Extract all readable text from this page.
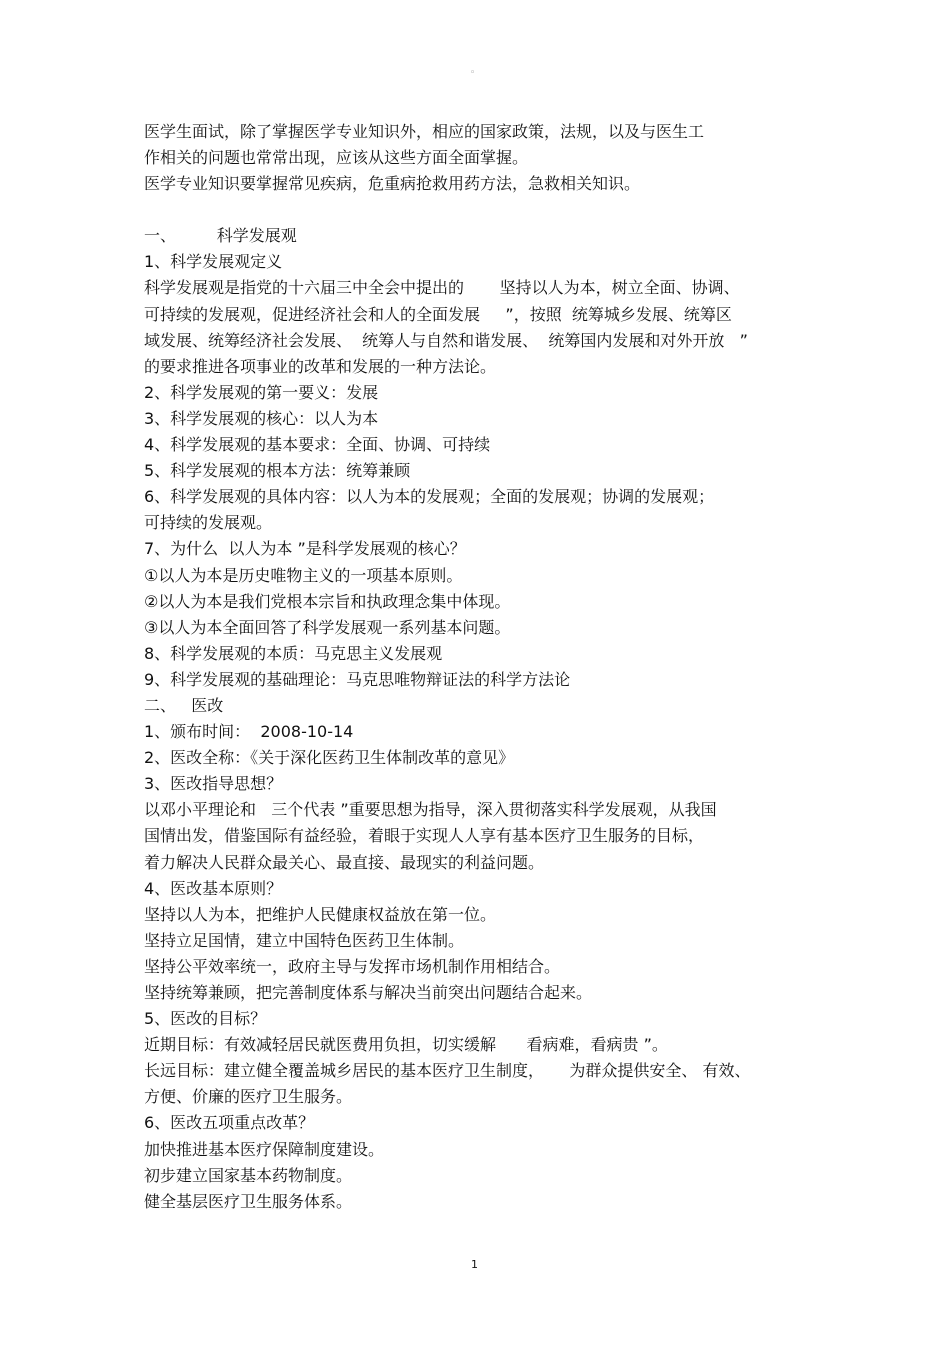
◦
医学生面试，除了掌握医学专业知识外，相应的国家政策，法规，以及与医生工
作相关的问题也常常出现，应该从这些方面全面掌握。
医学专业知识要掌握常见疾病，危重病抢救用药方法，急救相关知识。
一、        科学发展观
1、科学发展观定义
科学发展观是指党的十六届三中全会中提出的       坚持以人为本，树立全面、协调、
可持续的发展观，促进经济社会和人的全面发展     ”，按照  统筹城乡发展、统筹区
域发展、统筹经济社会发展、  统筹人与自然和谐发展、  统筹国内发展和对外开放   ”
的要求推进各项事业的改革和发展的一种方法论。
2、科学发展观的第一要义：发展
3、科学发展观的核心：以人为本
4、科学发展观的基本要求：全面、协调、可持续
5、科学发展观的根本方法：统筹兼顾
6、科学发展观的具体内容：以人为本的发展观；全面的发展观；协调的发展观；
可持续的发展观。
7、为什么  以人为本 ”是科学发展观的核心？
①以人为本是历史唯物主义的一项基本原则。
②以人为本是我们党根本宗旨和执政理念集中体现。
③以人为本全面回答了科学发展观一系列基本问题。
8、科学发展观的本质：马克思主义发展观
9、科学发展观的基础理论：马克思唯物辩证法的科学方法论
二、   医改
1、颁布时间：  2008-10-14
2、医改全称：《关于深化医药卫生体制改革的意见》
3、医改指导思想？
以邓小平理论和   三个代表 ”重要思想为指导，深入贯彻落实科学发展观，从我国
国情出发，借鉴国际有益经验，着眼于实现人人享有基本医疗卫生服务的目标，
着力解决人民群众最关心、最直接、最现实的利益问题。
4、医改基本原则？
坚持以人为本，把维护人民健康权益放在第一位。
坚持立足国情，建立中国特色医药卫生体制。
坚持公平效率统一，政府主导与发挥市场机制作用相结合。
坚持统筹兼顾，把完善制度体系与解决当前突出问题结合起来。
5、医改的目标？
近期目标：有效减轻居民就医费用负担，切实缓解      看病难，看病贵 ”。
长远目标：建立健全覆盖城乡居民的基本医疗卫生制度，     为群众提供安全、 有效、
方便、价廉的医疗卫生服务。
6、医改五项重点改革？
加快推进基本医疗保障制度建设。
初步建立国家基本药物制度。
健全基层医疗卫生服务体系。
1
